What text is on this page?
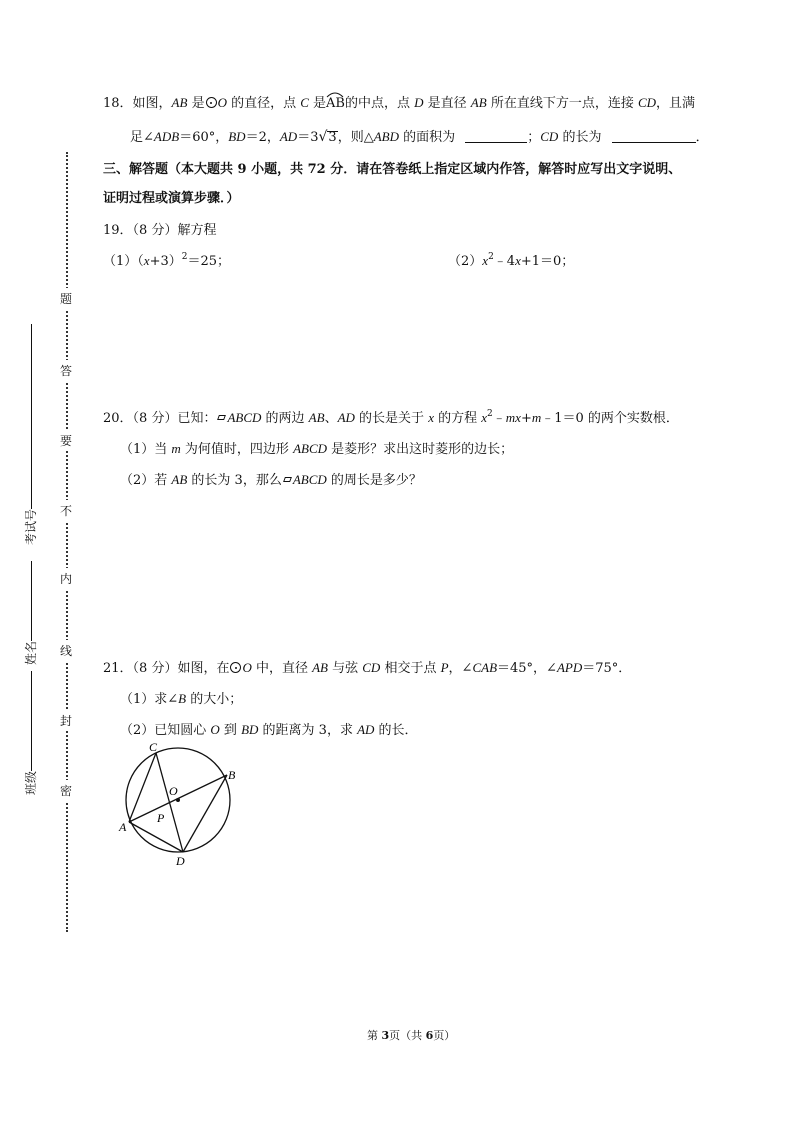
题
答
要
不
内
线
封
密
考试号
姓名
班级
18．如图，AB 是 O 的直径，点 C 是
AB的中点，点 D 是直径 AB 所在直线下方一点，连接 CD，且满
足∠ADB＝60°，BD＝2，AD＝3√3，则△ABD 的面积为	；CD 的长为	．
三、解答题（本大题共 9 小题，共 72 分．请在答卷纸上指定区域内作答，解答时应写出文字说明、
证明过程或演算步骤．）
19．（8 分）解方程
$(1)(x+3)^2=25$；	$(2)x^2﹣4x+1=0$；
20．（8 分）已知： ABCD 的两边 AB、AD 的长是关于 x 的方程 $x^2﹣mx+m﹣1=0$ 的两个实数根．
（1）当 m 为何值时，四边形 ABCD 是菱形？求出这时菱形的边长；
（2）若 AB 的长为 3，那么 ABCD 的周长是多少？
21．（8 分）如图，在 O 中，直径 AB 与弦 CD 相交于点 P，∠CAB＝45°，∠APD＝75°．
（1）求∠B 的大小；
（2）已知圆心 O 到 BD 的距离为 3，求 AD 的长．
C
B
O
A
P
D
第 3页（共 6页）
